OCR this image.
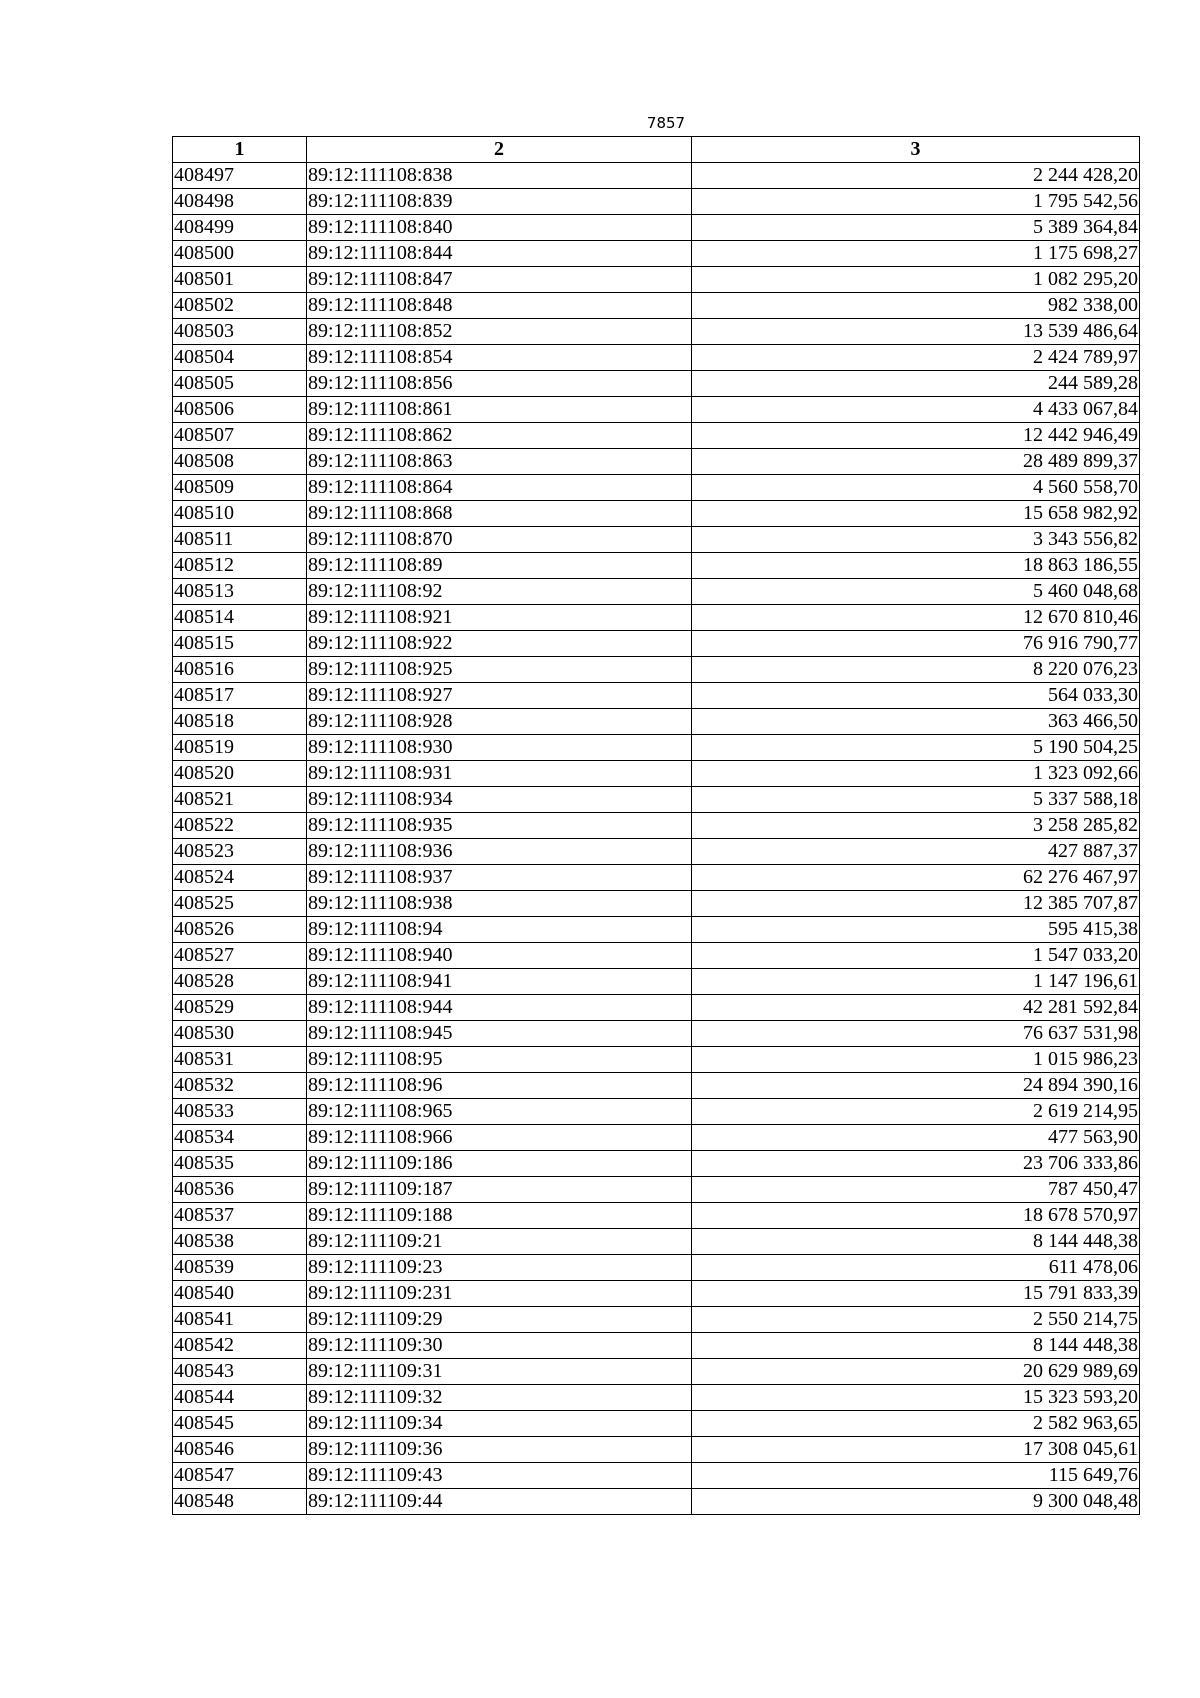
7857
1	2	3
408497	89:12:111108:838	2 244 428,20
408498	89:12:111108:839	1 795 542,56
408499	89:12:111108:840	5 389 364,84
408500	89:12:111108:844	1 175 698,27
408501	89:12:111108:847	1 082 295,20
408502	89:12:111108:848	982 338,00
408503	89:12:111108:852	13 539 486,64
408504	89:12:111108:854	2 424 789,97
408505	89:12:111108:856	244 589,28
408506	89:12:111108:861	4 433 067,84
408507	89:12:111108:862	12 442 946,49
408508	89:12:111108:863	28 489 899,37
408509	89:12:111108:864	4 560 558,70
408510	89:12:111108:868	15 658 982,92
408511	89:12:111108:870	3 343 556,82
408512	89:12:111108:89	18 863 186,55
408513	89:12:111108:92	5 460 048,68
408514	89:12:111108:921	12 670 810,46
408515	89:12:111108:922	76 916 790,77
408516	89:12:111108:925	8 220 076,23
408517	89:12:111108:927	564 033,30
408518	89:12:111108:928	363 466,50
408519	89:12:111108:930	5 190 504,25
408520	89:12:111108:931	1 323 092,66
408521	89:12:111108:934	5 337 588,18
408522	89:12:111108:935	3 258 285,82
408523	89:12:111108:936	427 887,37
408524	89:12:111108:937	62 276 467,97
408525	89:12:111108:938	12 385 707,87
408526	89:12:111108:94	595 415,38
408527	89:12:111108:940	1 547 033,20
408528	89:12:111108:941	1 147 196,61
408529	89:12:111108:944	42 281 592,84
408530	89:12:111108:945	76 637 531,98
408531	89:12:111108:95	1 015 986,23
408532	89:12:111108:96	24 894 390,16
408533	89:12:111108:965	2 619 214,95
408534	89:12:111108:966	477 563,90
408535	89:12:111109:186	23 706 333,86
408536	89:12:111109:187	787 450,47
408537	89:12:111109:188	18 678 570,97
408538	89:12:111109:21	8 144 448,38
408539	89:12:111109:23	611 478,06
408540	89:12:111109:231	15 791 833,39
408541	89:12:111109:29	2 550 214,75
408542	89:12:111109:30	8 144 448,38
408543	89:12:111109:31	20 629 989,69
408544	89:12:111109:32	15 323 593,20
408545	89:12:111109:34	2 582 963,65
408546	89:12:111109:36	17 308 045,61
408547	89:12:111109:43	115 649,76
408548	89:12:111109:44	9 300 048,48
